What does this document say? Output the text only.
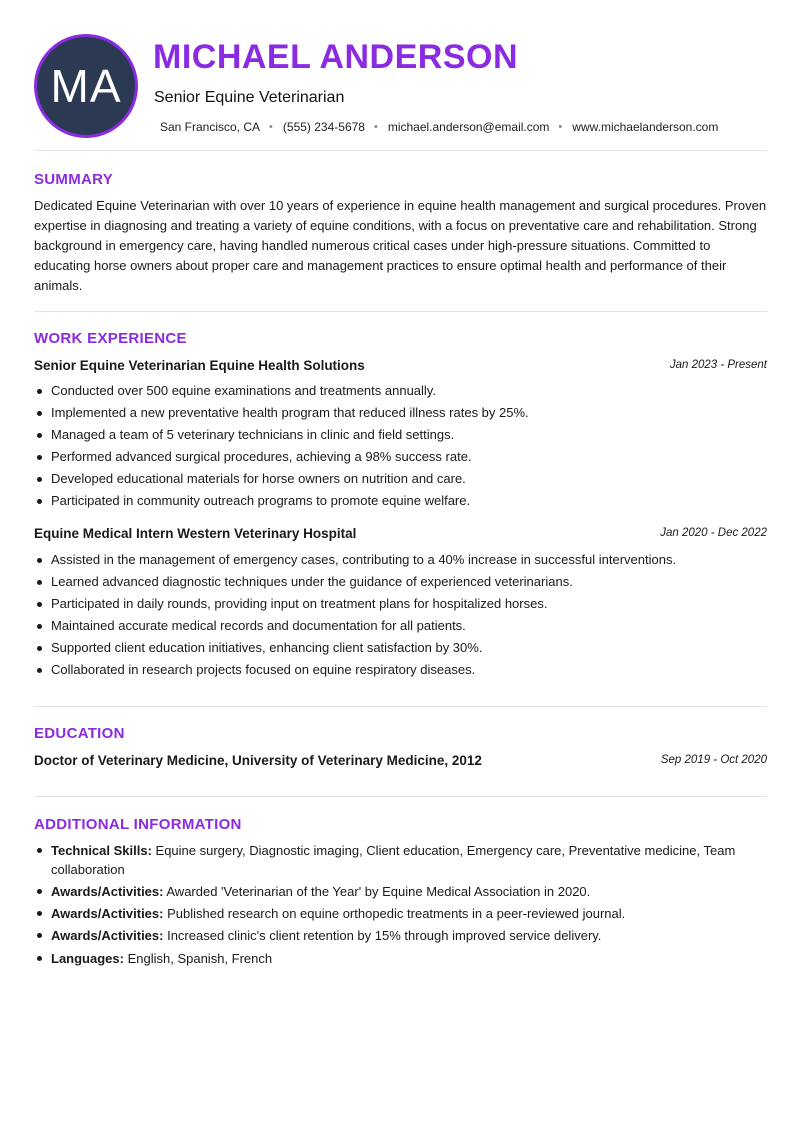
MA
MICHAEL ANDERSON
Senior Equine Veterinarian
San Francisco, CA • (555) 234-5678 • michael.anderson@email.com • www.michaelanderson.com
SUMMARY
Dedicated Equine Veterinarian with over 10 years of experience in equine health management and surgical procedures. Proven expertise in diagnosing and treating a variety of equine conditions, with a focus on preventative care and rehabilitation. Strong background in emergency care, having handled numerous critical cases under high-pressure situations. Committed to educating horse owners about proper care and management practices to ensure optimal health and performance of their animals.
WORK EXPERIENCE
Senior Equine Veterinarian Equine Health Solutions	Jan 2023 - Present
Conducted over 500 equine examinations and treatments annually.
Implemented a new preventative health program that reduced illness rates by 25%.
Managed a team of 5 veterinary technicians in clinic and field settings.
Performed advanced surgical procedures, achieving a 98% success rate.
Developed educational materials for horse owners on nutrition and care.
Participated in community outreach programs to promote equine welfare.
Equine Medical Intern Western Veterinary Hospital	Jan 2020 - Dec 2022
Assisted in the management of emergency cases, contributing to a 40% increase in successful interventions.
Learned advanced diagnostic techniques under the guidance of experienced veterinarians.
Participated in daily rounds, providing input on treatment plans for hospitalized horses.
Maintained accurate medical records and documentation for all patients.
Supported client education initiatives, enhancing client satisfaction by 30%.
Collaborated in research projects focused on equine respiratory diseases.
EDUCATION
Doctor of Veterinary Medicine, University of Veterinary Medicine, 2012	Sep 2019 - Oct 2020
ADDITIONAL INFORMATION
Technical Skills: Equine surgery, Diagnostic imaging, Client education, Emergency care, Preventative medicine, Team collaboration
Awards/Activities: Awarded 'Veterinarian of the Year' by Equine Medical Association in 2020.
Awards/Activities: Published research on equine orthopedic treatments in a peer-reviewed journal.
Awards/Activities: Increased clinic's client retention by 15% through improved service delivery.
Languages: English, Spanish, French
